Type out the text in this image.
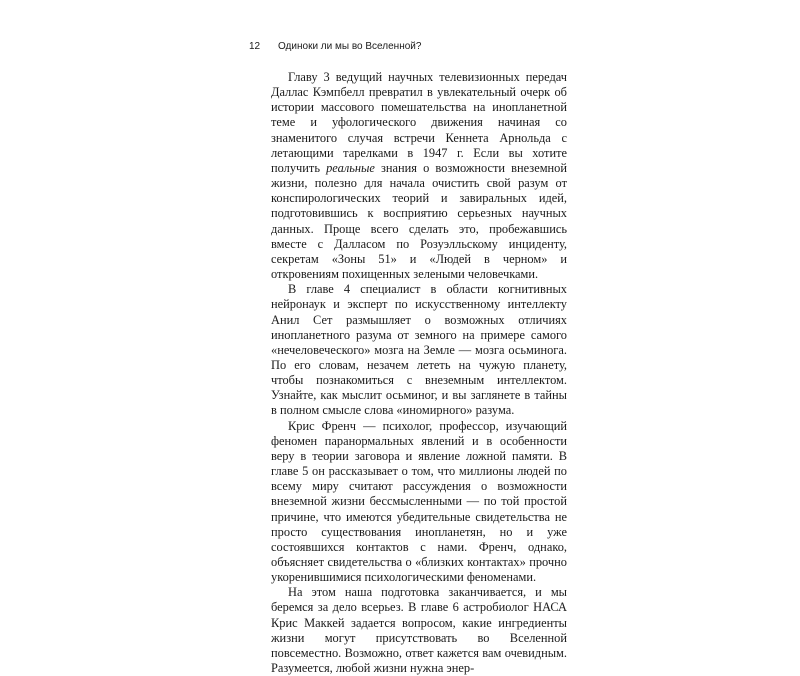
12 Одиноки ли мы во Вселенной?

Главу 3 ведущий научных телевизионных передач Даллас Кэмпбелл превратил в увлекательный очерк об истории массового помешательства на инопланетной теме и уфологического движения начиная со знаменитого случая встречи Кеннета Арнольда с летающими тарелками в 1947 г. Если вы хотите получить реальные знания о возможности внеземной жизни, полезно для начала очистить свой разум от конспирологических теорий и завиральных идей, подготовившись к восприятию серьезных научных данных. Проще всего сделать это, пробежавшись вместе с Далласом по Розуэлльскому инциденту, секретам «Зоны 51» и «Людей в черном» и откровениям похищенных зелеными человечками.

В главе 4 специалист в области когнитивных нейронаук и эксперт по искусственному интеллекту Анил Сет размышляет о возможных отличиях инопланетного разума от земного на примере самого «нечеловеческого» мозга на Земле — мозга осьминога. По его словам, незачем лететь на чужую планету, чтобы познакомиться с внеземным интеллектом. Узнайте, как мыслит осьминог, и вы заглянете в тайны в полном смысле слова «иномирного» разума.

Крис Френч — психолог, профессор, изучающий феномен паранормальных явлений и в особенности веру в теории заговора и явление ложной памяти. В главе 5 он рассказывает о том, что миллионы людей по всему миру считают рассуждения о возможности внеземной жизни бессмысленными — по той простой причине, что имеются убедительные свидетельства не просто существования инопланетян, но и уже состоявшихся контактов с нами. Френч, однако, объясняет свидетельства о «близких контактах» прочно укоренившимися психологическими феноменами.

На этом наша подготовка заканчивается, и мы беремся за дело всерьез. В главе 6 астробиолог НАСА Крис Маккей задается вопросом, какие ингредиенты жизни могут присутствовать во Вселенной повсеместно. Возможно, ответ кажется вам очевидным. Разумеется, любой жизни нужна энер-
